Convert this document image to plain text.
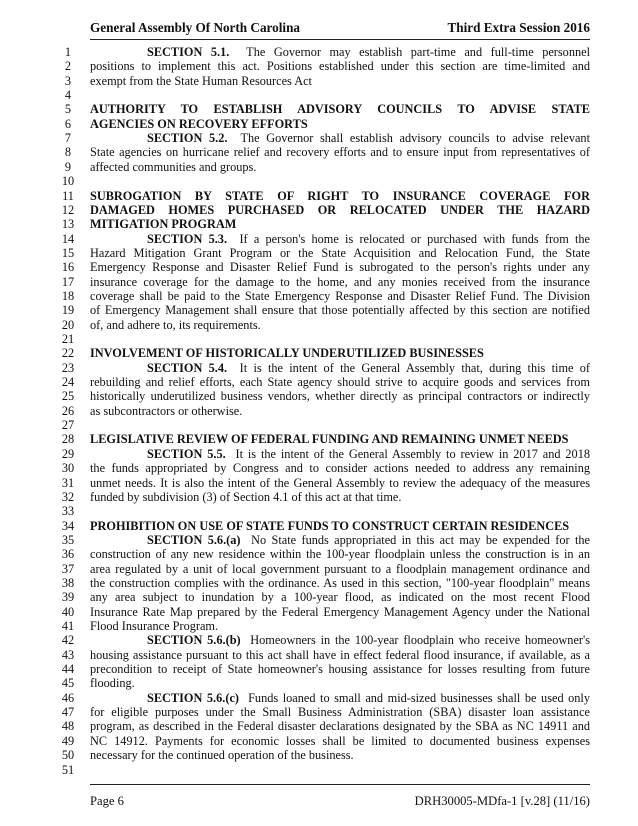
General Assembly Of North Carolina	Third Extra Session 2016
1	SECTION 5.1.  The Governor may establish part-time and full-time personnel
2	positions to implement this act. Positions established under this section are time-limited and
3	exempt from the State Human Resources Act
4
5	AUTHORITY TO ESTABLISH ADVISORY COUNCILS TO ADVISE STATE
6	AGENCIES ON RECOVERY EFFORTS
7	SECTION 5.2.  The Governor shall establish advisory councils to advise relevant
8	State agencies on hurricane relief and recovery efforts and to ensure input from representatives of
9	affected communities and groups.
10
11	SUBROGATION BY STATE OF RIGHT TO INSURANCE COVERAGE FOR
12	DAMAGED HOMES PURCHASED OR RELOCATED UNDER THE HAZARD
13	MITIGATION PROGRAM
14	SECTION 5.3.  If a person's home is relocated or purchased with funds from the
15	Hazard Mitigation Grant Program or the State Acquisition and Relocation Fund, the State
16	Emergency Response and Disaster Relief Fund is subrogated to the person's rights under any
17	insurance coverage for the damage to the home, and any monies received from the insurance
18	coverage shall be paid to the State Emergency Response and Disaster Relief Fund. The Division
19	of Emergency Management shall ensure that those potentially affected by this section are notified
20	of, and adhere to, its requirements.
21
22	INVOLVEMENT OF HISTORICALLY UNDERUTILIZED BUSINESSES
23	SECTION 5.4.  It is the intent of the General Assembly that, during this time of
24	rebuilding and relief efforts, each State agency should strive to acquire goods and services from
25	historically underutilized business vendors, whether directly as principal contractors or indirectly
26	as subcontractors or otherwise.
27
28	LEGISLATIVE REVIEW OF FEDERAL FUNDING AND REMAINING UNMET NEEDS
29	SECTION 5.5.  It is the intent of the General Assembly to review in 2017 and 2018
30	the funds appropriated by Congress and to consider actions needed to address any remaining
31	unmet needs. It is also the intent of the General Assembly to review the adequacy of the measures
32	funded by subdivision (3) of Section 4.1 of this act at that time.
33
34	PROHIBITION ON USE OF STATE FUNDS TO CONSTRUCT CERTAIN RESIDENCES
35	SECTION 5.6.(a)  No State funds appropriated in this act may be expended for the
36	construction of any new residence within the 100-year floodplain unless the construction is in an
37	area regulated by a unit of local government pursuant to a floodplain management ordinance and
38	the construction complies with the ordinance. As used in this section, "100-year floodplain" means
39	any area subject to inundation by a 100-year flood, as indicated on the most recent Flood
40	Insurance Rate Map prepared by the Federal Emergency Management Agency under the National
41	Flood Insurance Program.
42	SECTION 5.6.(b)  Homeowners in the 100-year floodplain who receive homeowner's
43	housing assistance pursuant to this act shall have in effect federal flood insurance, if available, as a
44	precondition to receipt of State homeowner's housing assistance for losses resulting from future
45	flooding.
46	SECTION 5.6.(c)  Funds loaned to small and mid-sized businesses shall be used only
47	for eligible purposes under the Small Business Administration (SBA) disaster loan assistance
48	program, as described in the Federal disaster declarations designated by the SBA as NC 14911 and
49	NC 14912. Payments for economic losses shall be limited to documented business expenses
50	necessary for the continued operation of the business.
51
Page 6	DRH30005-MDfa-1 [v.28] (11/16)
